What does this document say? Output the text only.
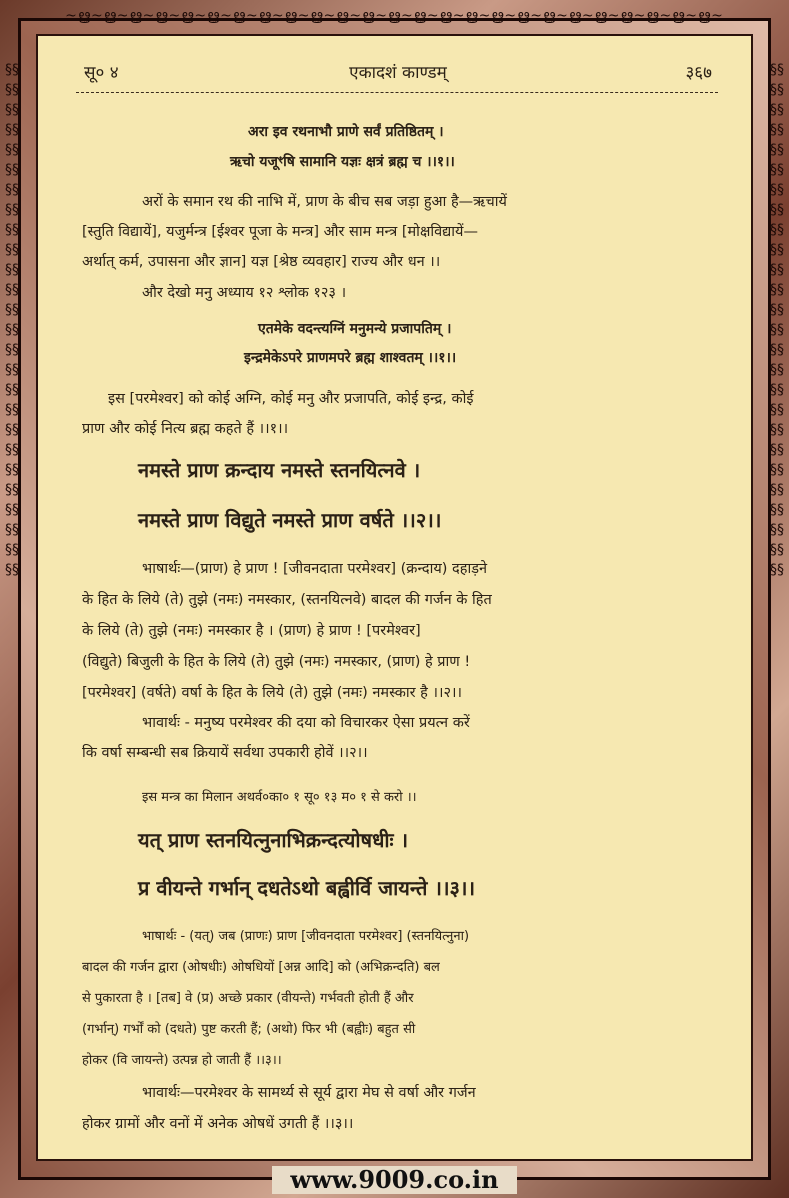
~ൠ~ൠ~ൠ~ൠ~ൠ~ൠ~ൠ~ൠ~ൠ~ൠ~ൠ~ൠ~ൠ~ൠ~ൠ~ൠ~ൠ~ൠ~ൠ~ൠ~ൠ~ൠ~ൠ~ൠ~ൠ~
§§§§§§§§§§§§§§§§§§§§§§§§§§§§§§§§§§§§§§§§§§§§§§§§§§§§
§§§§§§§§§§§§§§§§§§§§§§§§§§§§§§§§§§§§§§§§§§§§§§§§§§§§
सू० ४	एकादशं काण्डम्	३६७
अरा इव रथनाभौ प्राणे सर्वं प्रतिष्ठितम् ।
ऋचो यजूꣳषि सामानि यज्ञः क्षत्रं ब्रह्म च ।।१।।
अरों के समान रथ की नाभि में, प्राण के बीच सब जड़ा हुआ है—ऋचायें
[स्तुति विद्यायें], यजुर्मन्त्र [ईश्वर पूजा के मन्त्र] और साम मन्त्र [मोक्षविद्यायें—
अर्थात् कर्म, उपासना और ज्ञान] यज्ञ [श्रेष्ठ व्यवहार] राज्य और धन ।।
और देखो मनु अध्याय १२ श्लोक १२३ ।
एतमेके वदन्त्यग्निं मनुमन्ये प्रजापतिम् ।
इन्द्रमेकेऽपरे प्राणमपरे ब्रह्म शाश्वतम् ।।१।।
इस [परमेश्वर] को कोई अग्नि, कोई मनु और प्रजापति, कोई इन्द्र, कोई
प्राण और कोई नित्य ब्रह्म कहते हैं ।।१।।
नमस्ते प्राण क्रन्दाय नमस्ते स्तनयित्नवे ।
नमस्ते प्राण विद्युते नमस्ते प्राण वर्षते ।।२।।
भाषार्थः—(प्राण) हे प्राण ! [जीवनदाता परमेश्वर] (क्रन्दाय) दहाड़ने
के हित के लिये (ते) तुझे (नमः) नमस्कार, (स्तनयित्नवे) बादल की गर्जन के हित
के लिये (ते) तुझे (नमः) नमस्कार है । (प्राण) हे प्राण ! [परमेश्वर]
(विद्युते) बिजुली के हित के लिये (ते) तुझे (नमः) नमस्कार, (प्राण) हे प्राण !
[परमेश्वर] (वर्षते) वर्षा के हित के लिये (ते) तुझे (नमः) नमस्कार है ।।२।।
भावार्थः - मनुष्य परमेश्वर की दया को विचारकर ऐसा प्रयत्न करें
कि वर्षा सम्बन्धी सब क्रियायें सर्वथा उपकारी होवें ।।२।।
इस मन्त्र का मिलान अथर्व०का० १ सू० १३ म० १ से करो ।।
यत् प्राण स्तनयित्नुनाभिक्रन्दत्योषधीः ।
प्र वीयन्ते गर्भान् दधतेऽथो बह्वीर्वि जायन्ते ।।३।।
भाषार्थः - (यत्) जब (प्राणः) प्राण [जीवनदाता परमेश्वर] (स्तनयित्नुना)
बादल की गर्जन द्वारा (ओषधीः) ओषधियों [अन्न आदि] को (अभिक्रन्दति) बल
से पुकारता है । [तब] वे (प्र) अच्छे प्रकार (वीयन्ते) गर्भवती होती हैं और
(गर्भान्) गर्भों को (दधते) पुष्ट करती हैं; (अथो) फिर भी (बह्वीः) बहुत सी
होकर (वि जायन्ते) उत्पन्न हो जाती हैं ।।३।।
भावार्थः—परमेश्वर के सामर्थ्य से सूर्य द्वारा मेघ से वर्षा और गर्जन
होकर ग्रामों और वनों में अनेक ओषधें उगती हैं ।।३।।
www.9009.co.in
